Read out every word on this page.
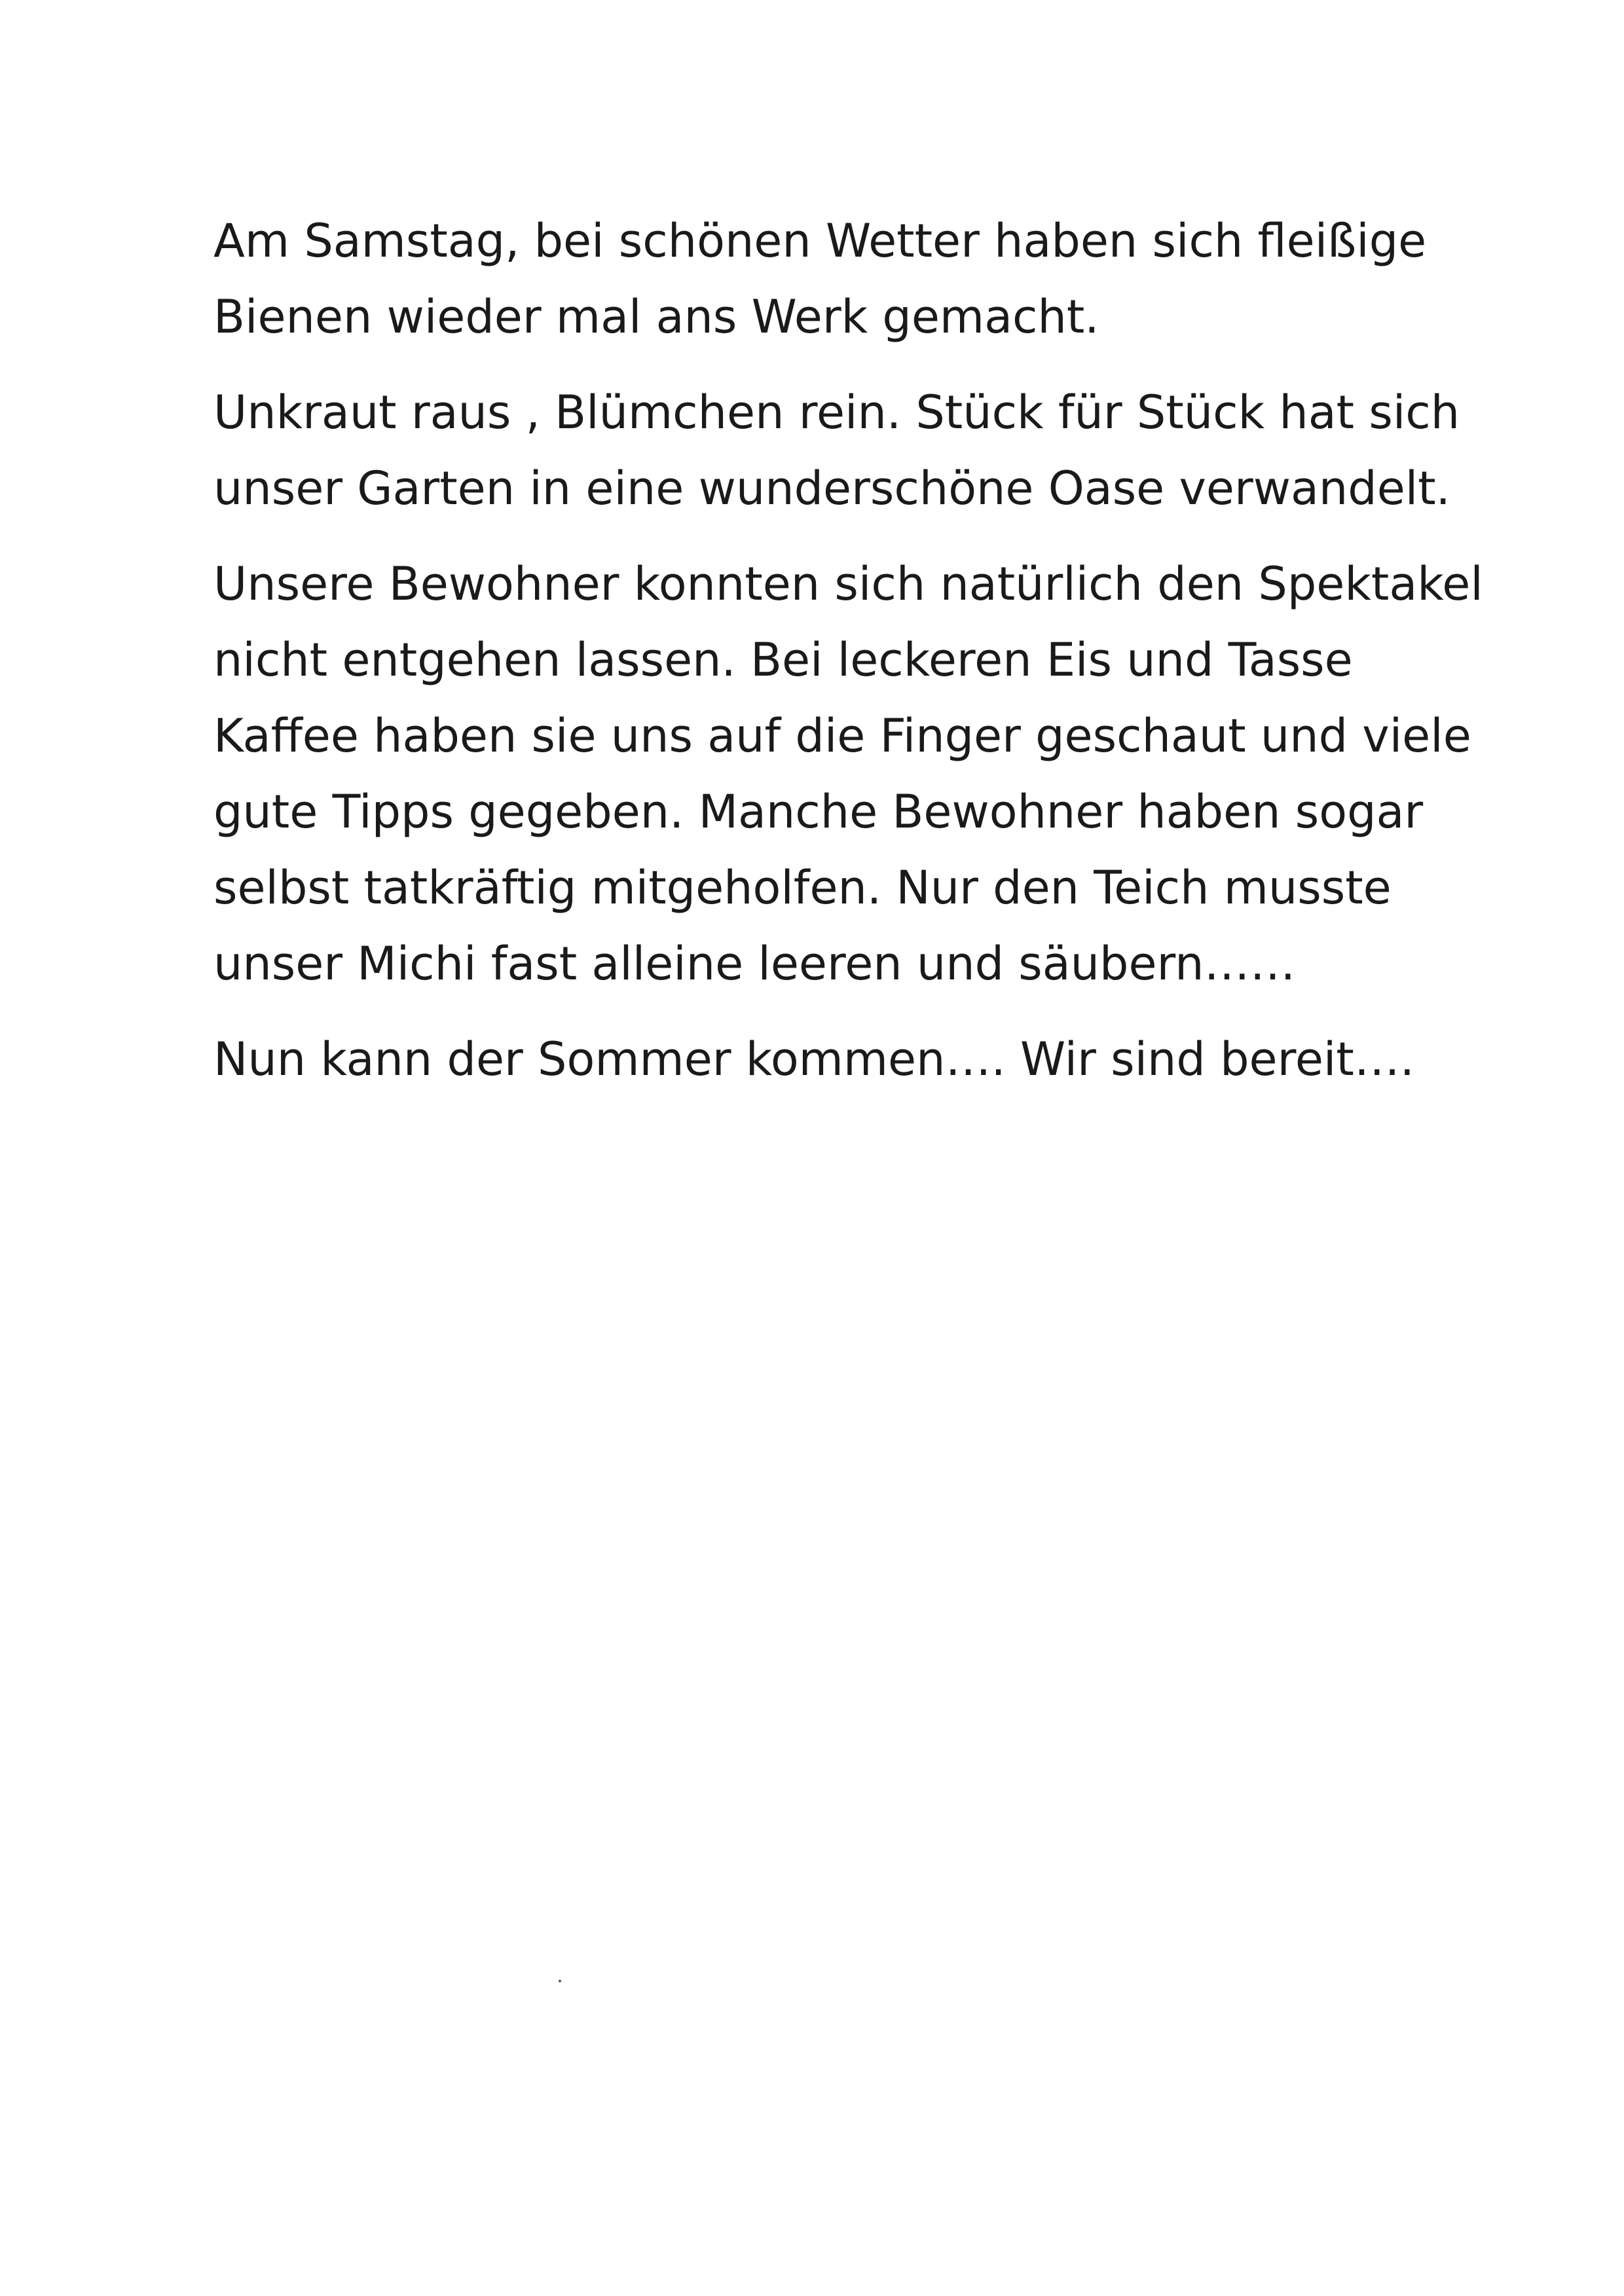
Am Samstag, bei schönen Wetter haben sich fleißige
Bienen wieder mal ans Werk gemacht.

Unkraut raus , Blümchen rein. Stück für Stück hat sich
unser Garten in eine wunderschöne Oase verwandelt.

Unsere Bewohner konnten sich natürlich den Spektakel
nicht entgehen lassen. Bei leckeren Eis und Tasse
Kaffee haben sie uns auf die Finger geschaut und viele
gute Tipps gegeben. Manche Bewohner haben sogar
selbst tatkräftig mitgeholfen. Nur den Teich musste
unser Michi fast alleine leeren und säubern……

Nun kann der Sommer kommen…. Wir sind bereit….
